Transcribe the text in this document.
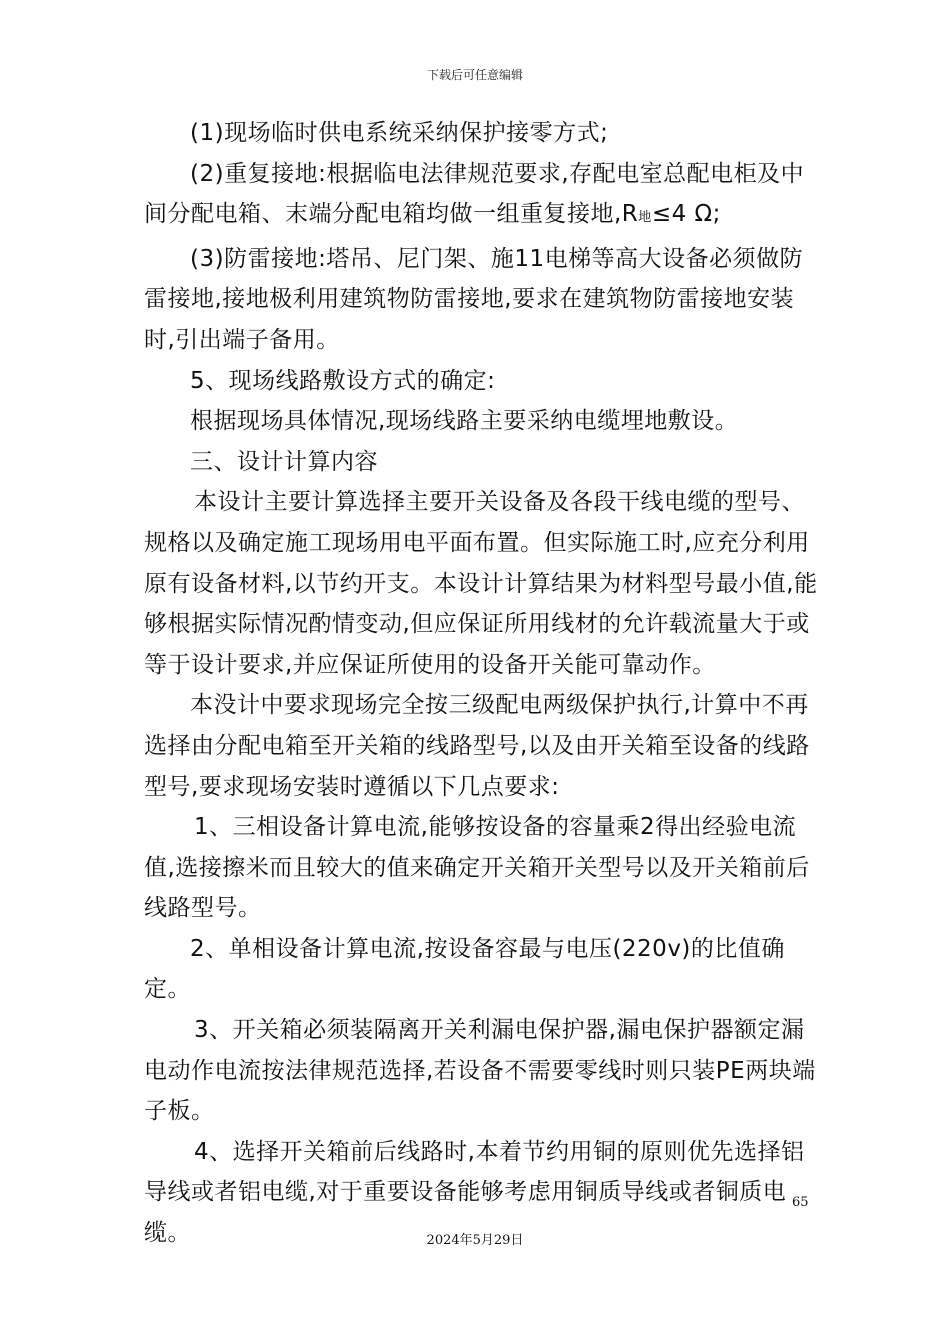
下载后可任意编辑

(1)现场临时供电系统采纳保护接零方式;

(2)重复接地:根据临电法律规范要求,存配电室总配电柜及中间分配电箱、末端分配电箱均做一组重复接地,R地≤4 Ω;

(3)防雷接地:塔吊、尼门架、施11电梯等高大设备必须做防雷接地,接地极利用建筑物防雷接地,要求在建筑物防雷接地安装时,引出端子备用。

5、现场线路敷设方式的确定:

根据现场具体情况,现场线路主要采纳电缆埋地敷设。

三、设计计算内容

本设计主要计算选择主要开关设备及各段干线电缆的型号、规格以及确定施工现场用电平面布置。但实际施工时,应充分利用原有设备材料,以节约开支。本设计计算结果为材料型号最小值,能够根据实际情况酌情变动,但应保证所用线材的允许载流量大于或等于设计要求,并应保证所使用的设备开关能可靠动作。

本没计中要求现场完全按三级配电两级保护执行,计算中不再选择由分配电箱至开关箱的线路型号,以及由开关箱至设备的线路型号,要求现场安装时遵循以下几点要求:

1、三相设备计算电流,能够按设备的容量乘2得出经验电流值,选接擦米而且较大的值来确定开关箱开关型号以及开关箱前后线路型号。

2、单相设备计算电流,按设备容最与电压(220v)的比值确定。

3、开关箱必须装隔离开关利漏电保护器,漏电保护器额定漏电动作电流按法律规范选择,若设备不需要零线时则只装PE两块端子板。

4、选择开关箱前后线路时,本着节约用铜的原则优先选择铝导线或者铝电缆,对于重要设备能够考虑用铜质导线或者铜质电缆。

65
2024年5月29日
